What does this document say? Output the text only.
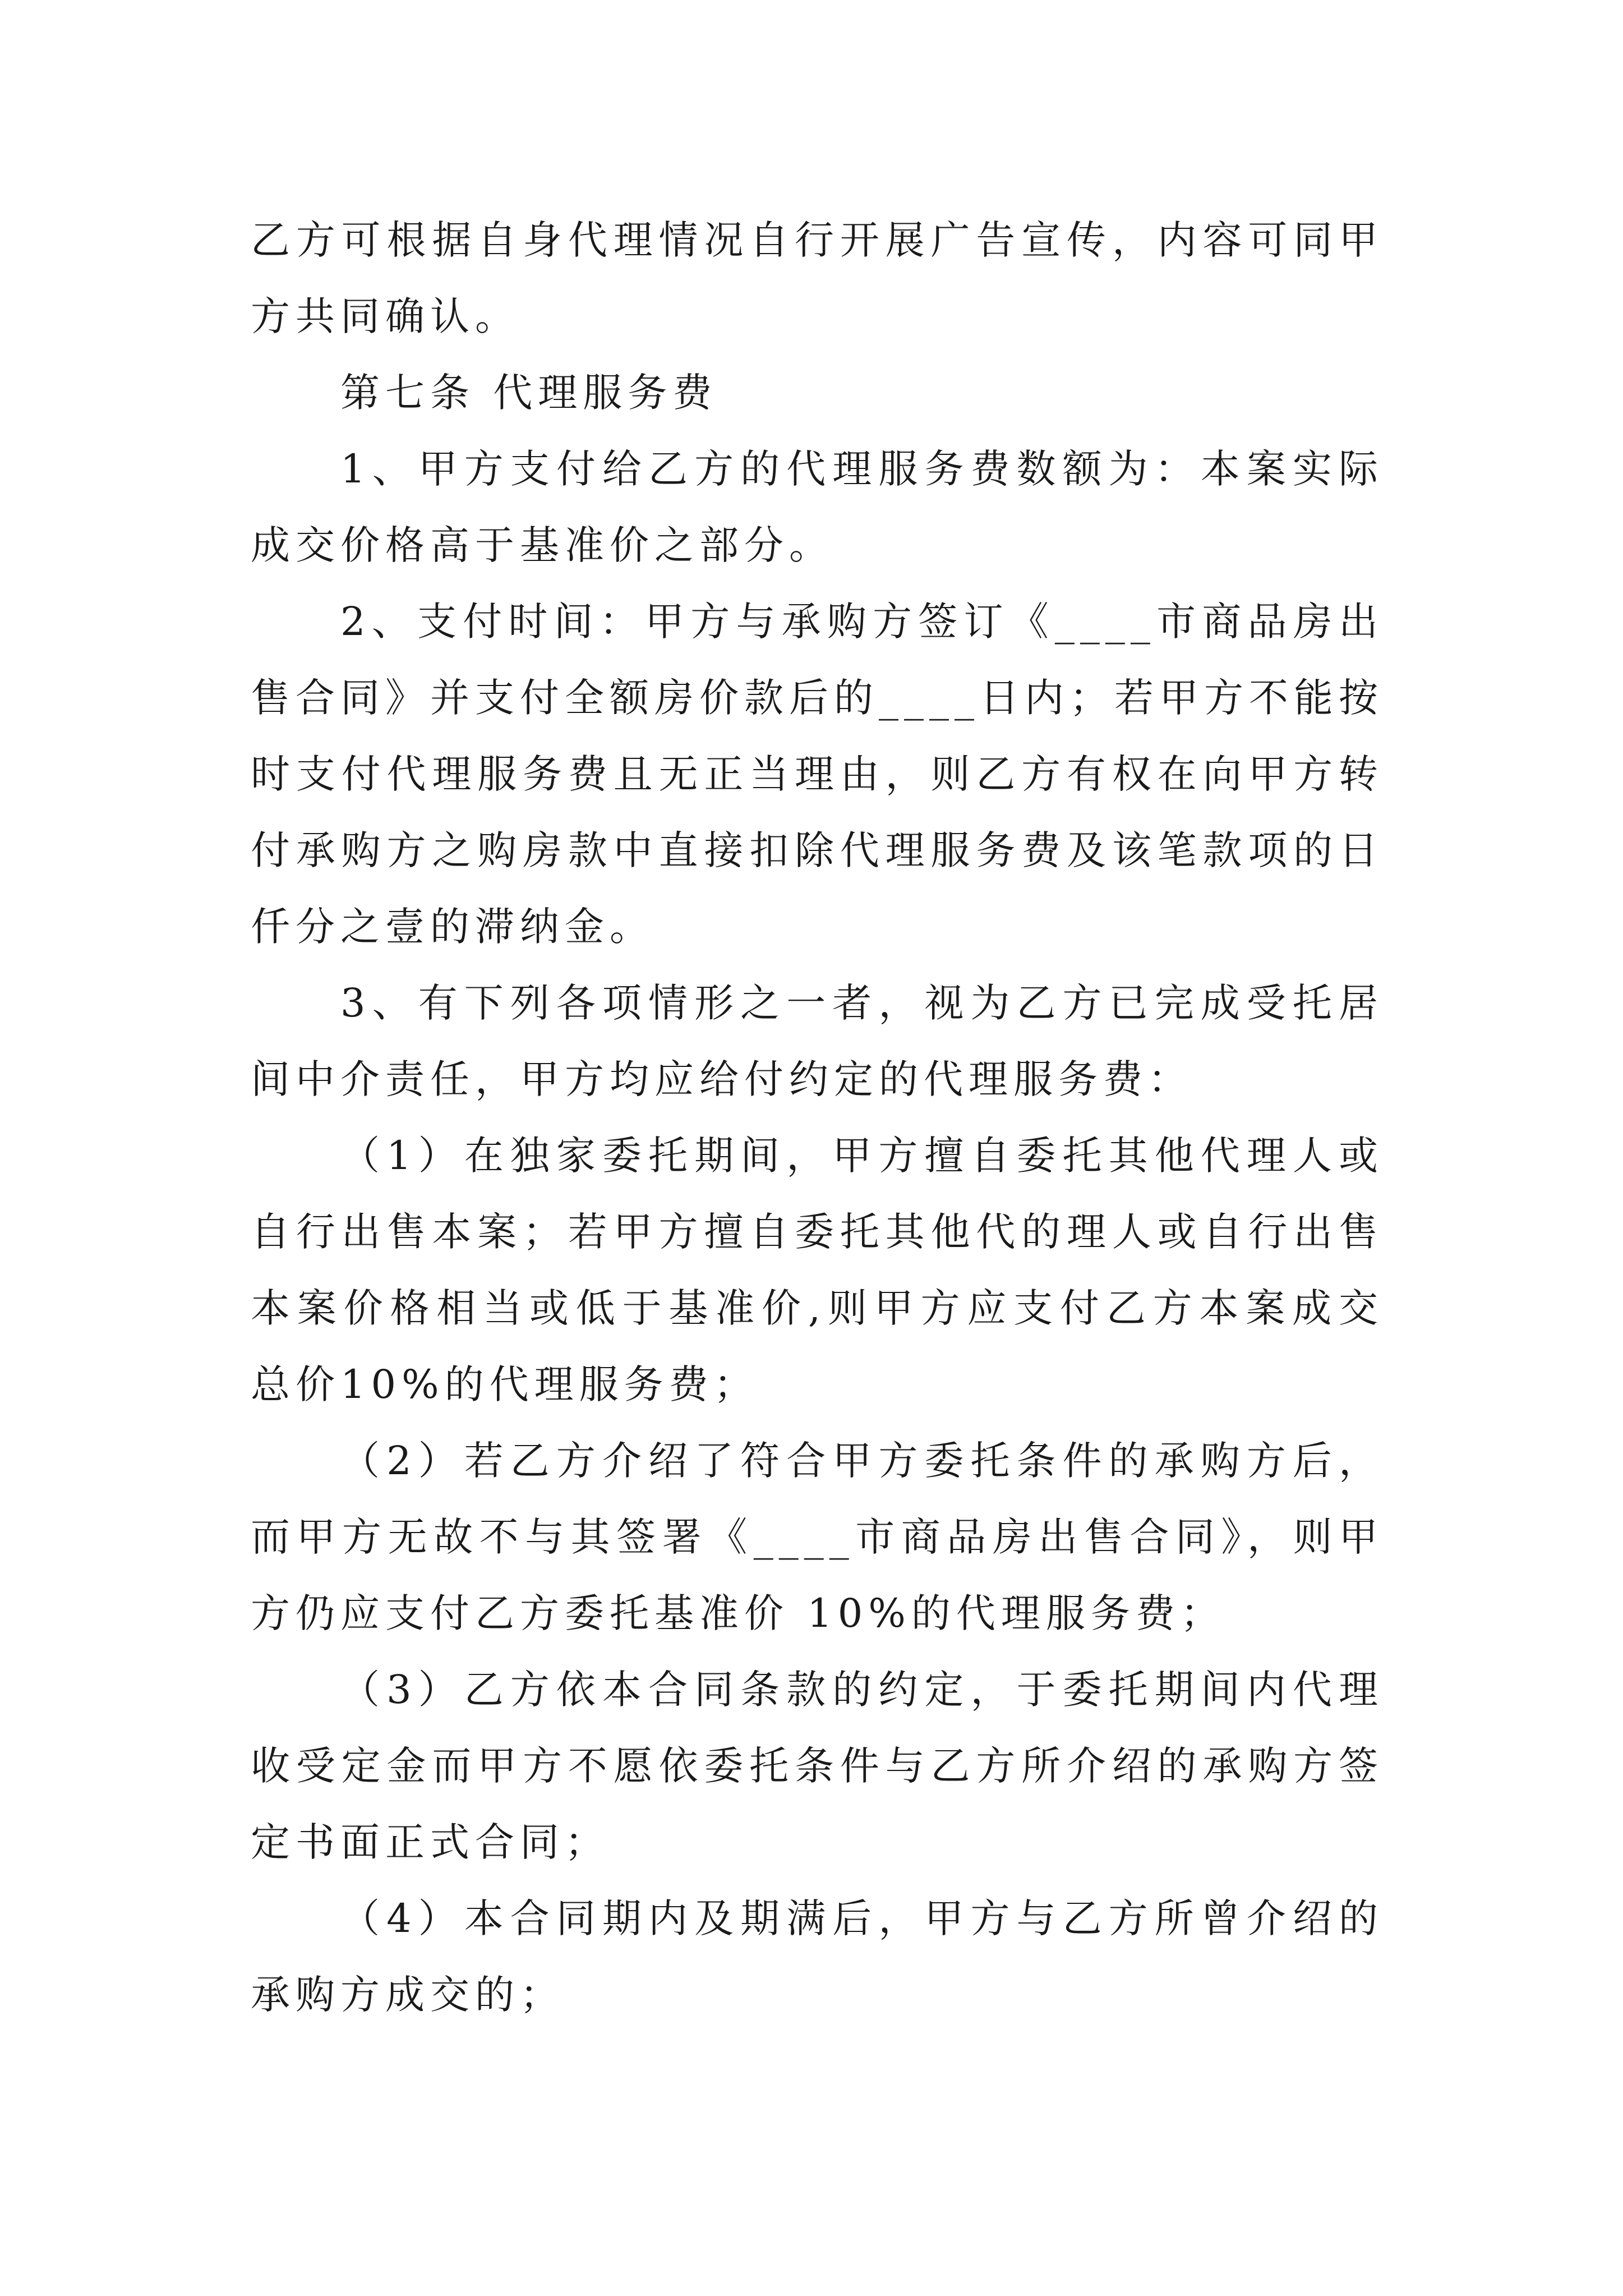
乙方可根据自身代理情况自行开展广告宣传，内容可同甲方共同确认。

第七条 代理服务费

1、甲方支付给乙方的代理服务费数额为：本案实际成交价格高于基准价之部分。

2、支付时间：甲方与承购方签订《____市商品房出售合同》并支付全额房价款后的____日内；若甲方不能按时支付代理服务费且无正当理由，则乙方有权在向甲方转付承购方之购房款中直接扣除代理服务费及该笔款项的日仟分之壹的滞纳金。

3、有下列各项情形之一者，视为乙方已完成受托居间中介责任，甲方均应给付约定的代理服务费：

（1）在独家委托期间，甲方擅自委托其他代理人或自行出售本案；若甲方擅自委托其他代的理人或自行出售本案价格相当或低于基准价,则甲方应支付乙方本案成交总价10%的代理服务费；

（2）若乙方介绍了符合甲方委托条件的承购方后，而甲方无故不与其签署《____市商品房出售合同》，则甲方仍应支付乙方委托基准价 10%的代理服务费；

（3）乙方依本合同条款的约定，于委托期间内代理收受定金而甲方不愿依委托条件与乙方所介绍的承购方签定书面正式合同；

（4）本合同期内及期满后，甲方与乙方所曾介绍的承购方成交的；
